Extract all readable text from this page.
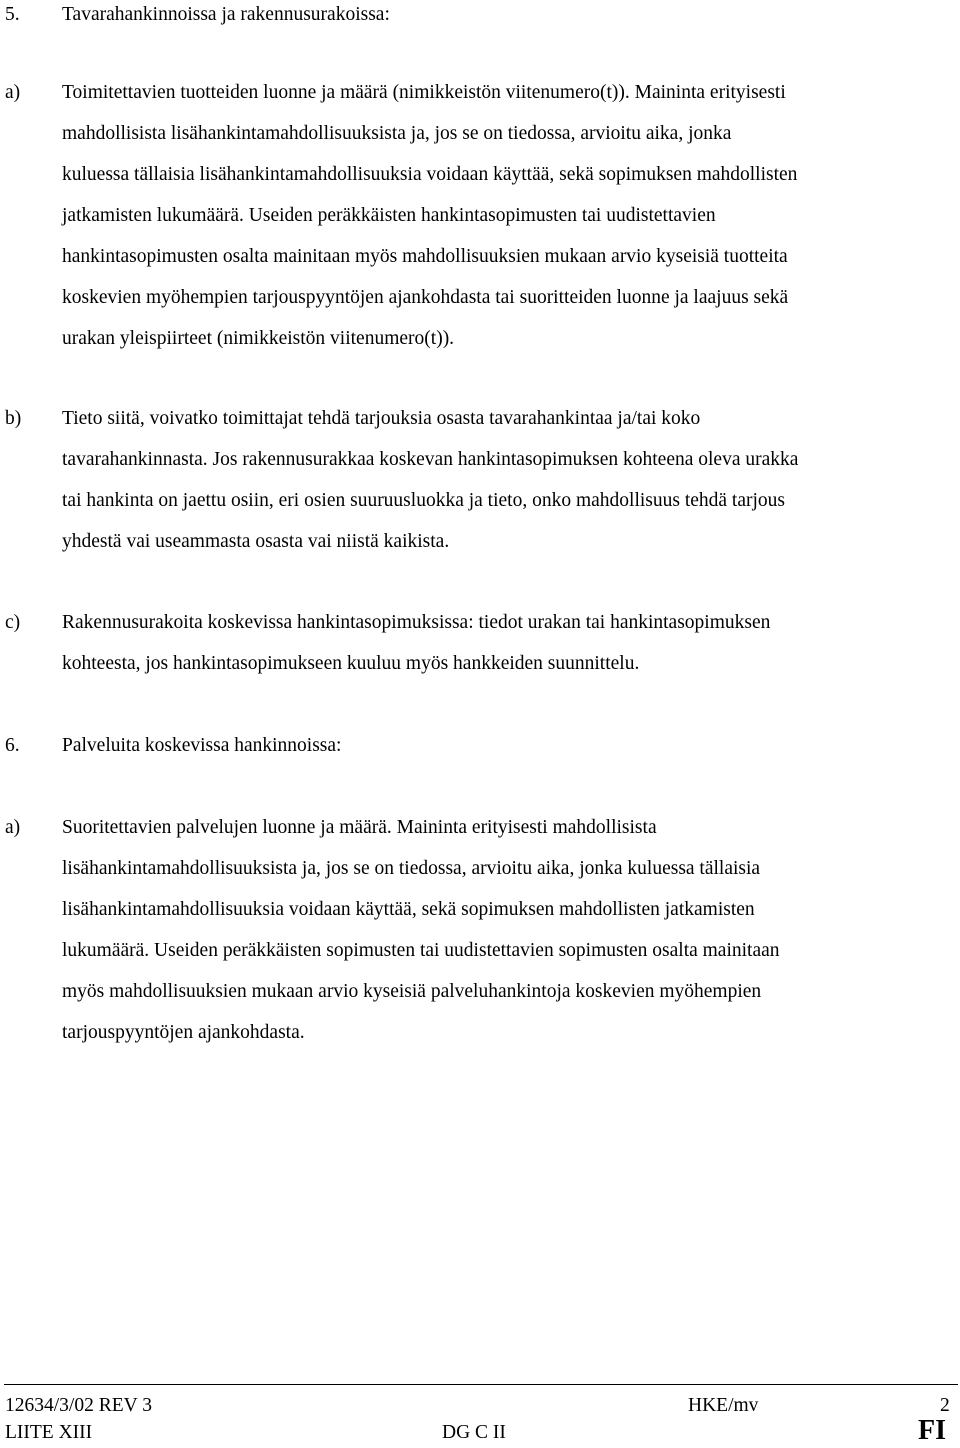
5. Tavarahankinnoissa ja rakennusurakoissa:
a) Toimitettavien tuotteiden luonne ja määrä (nimikkeistön viitenumero(t)). Maininta erityisesti
mahdollisista lisähankintamahdollisuuksista ja, jos se on tiedossa, arvioitu aika, jonka
kuluessa tällaisia lisähankintamahdollisuuksia voidaan käyttää, sekä sopimuksen mahdollisten
jatkamisten lukumäärä. Useiden peräkkäisten hankintasopimusten tai uudistettavien
hankintasopimusten osalta mainitaan myös mahdollisuuksien mukaan arvio kyseisiä tuotteita
koskevien myöhempien tarjouspyyntöjen ajankohdasta tai suoritteiden luonne ja laajuus sekä
urakan yleispiirteet (nimikkeistön viitenumero(t)).
b) Tieto siitä, voivatko toimittajat tehdä tarjouksia osasta tavarahankintaa ja/tai koko
tavarahankinnasta. Jos rakennusurakkaa koskevan hankintasopimuksen kohteena oleva urakka
tai hankinta on jaettu osiin, eri osien suuruusluokka ja tieto, onko mahdollisuus tehdä tarjous
yhdestä vai useammasta osasta vai niistä kaikista.
c) Rakennusurakoita koskevissa hankintasopimuksissa: tiedot urakan tai hankintasopimuksen
kohteesta, jos hankintasopimukseen kuuluu myös hankkeiden suunnittelu.
6. Palveluita koskevissa hankinnoissa:
a) Suoritettavien palvelujen luonne ja määrä. Maininta erityisesti mahdollisista
lisähankintamahdollisuuksista ja, jos se on tiedossa, arvioitu aika, jonka kuluessa tällaisia
lisähankintamahdollisuuksia voidaan käyttää, sekä sopimuksen mahdollisten jatkamisten
lukumäärä. Useiden peräkkäisten sopimusten tai uudistettavien sopimusten osalta mainitaan
myös mahdollisuuksien mukaan arvio kyseisiä palveluhankintoja koskevien myöhempien
tarjouspyyntöjen ajankohdasta.
12634/3/02 REV 3	HKE/mv	2
LIITE XIII	DG C II	FI
